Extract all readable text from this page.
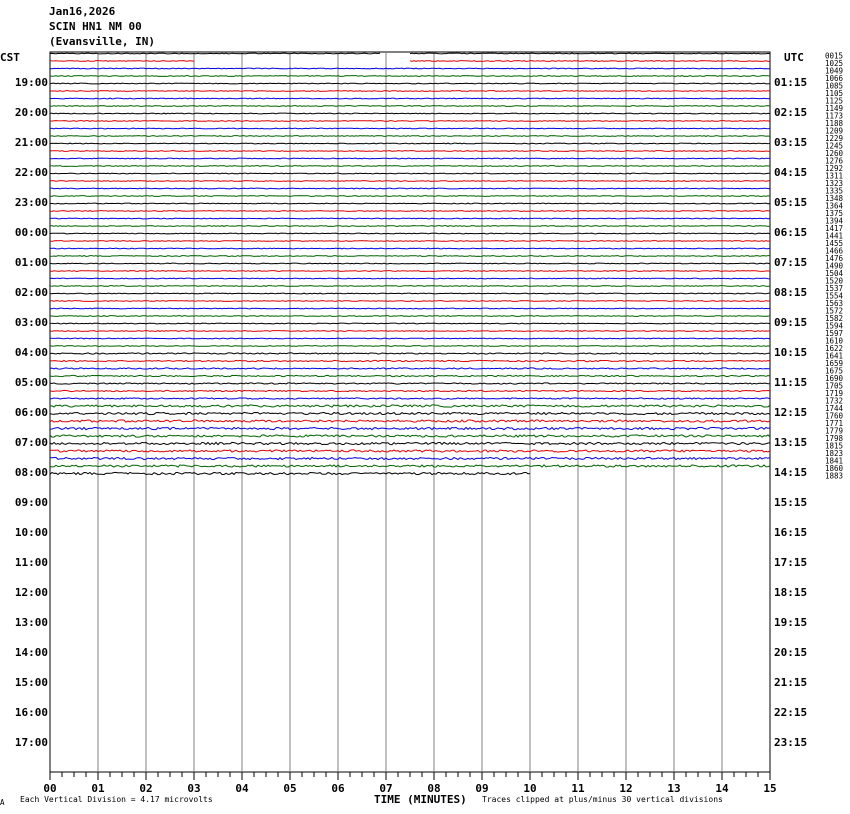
Jan16,2026
SCIN HN1 NM 00
(Evansville, IN)
19:00
20:00
21:00
22:00
23:00
00:00
01:00
02:00
03:00
04:00
05:00
06:00
07:00
08:00
09:00
10:00
11:00
12:00
13:00
14:00
15:00
16:00
17:00
01:15
02:15
03:15
04:15
05:15
06:15
07:15
08:15
09:15
10:15
11:15
12:15
13:15
14:15
15:15
16:15
17:15
18:15
19:15
20:15
21:15
22:15
23:15
0015
1025
1049
1066
1085
1105
1125
1149
1173
1188
1209
1229
1245
1260
1276
1292
1311
1323
1335
1348
1364
1375
1394
1417
1441
1455
1466
1476
1490
1504
1520
1537
1554
1563
1572
1582
1594
1597
1610
1622
1641
1659
1675
1690
1705
1719
1732
1744
1760
1771
1779
1798
1815
1823
1841
1860
1883
00	01	02	03	04	05	06	07	08	09	10	11	12	13	14	15
CST	UTC
TIME (MINUTES)
Each Vertical Division = 4.17 microvolts	Traces clipped at plus/minus 30 vertical divisions
A
